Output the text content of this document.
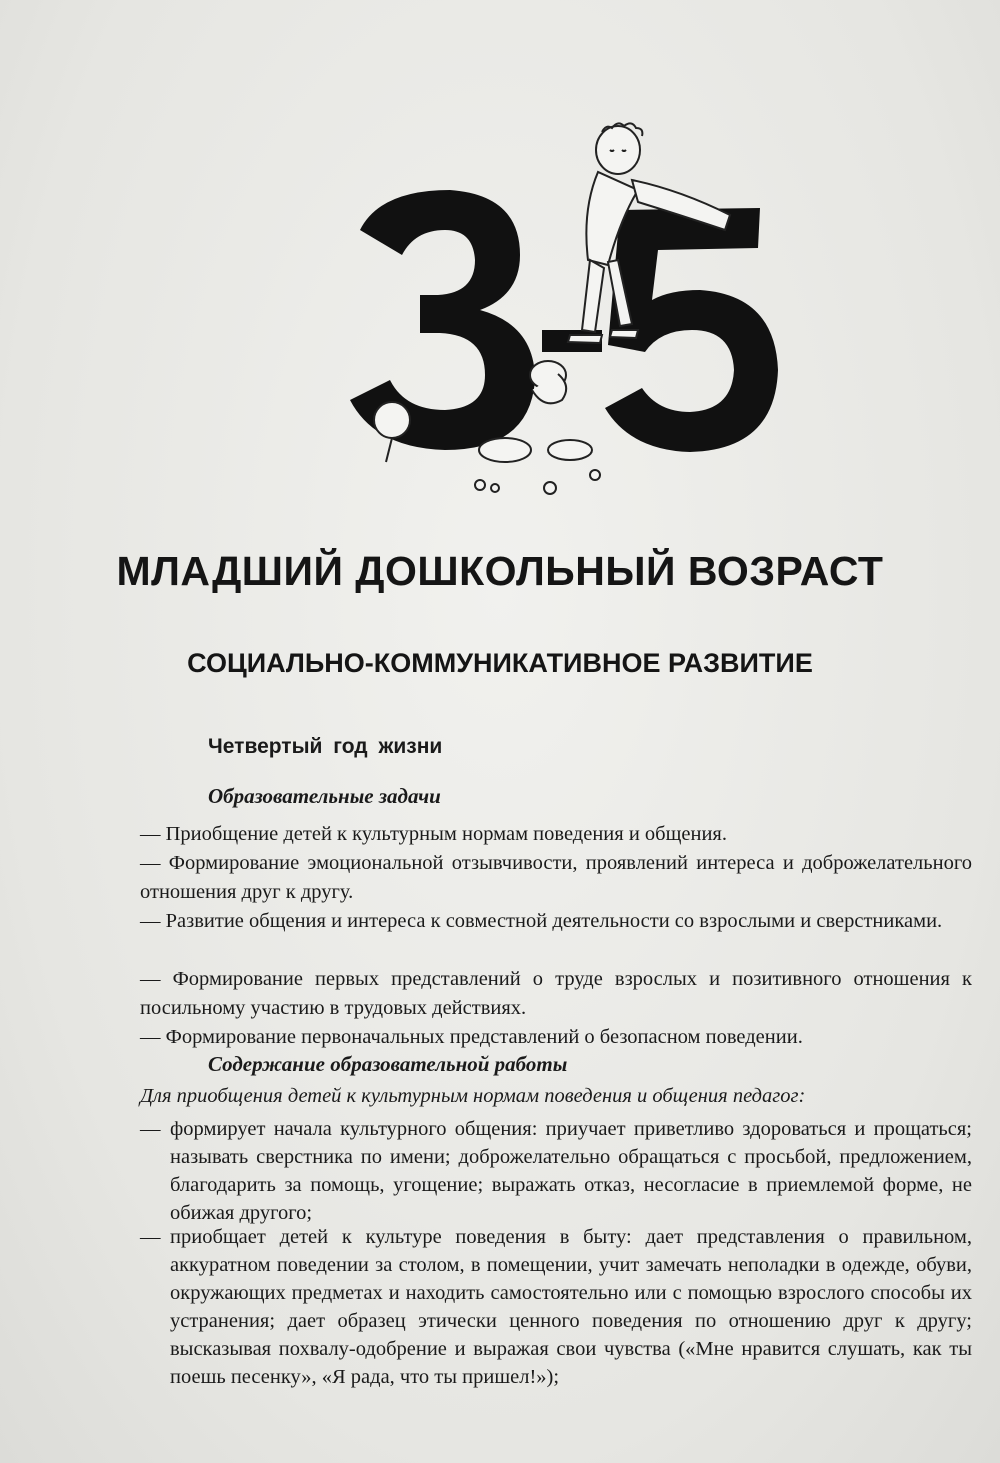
МЛАДШИЙ ДОШКОЛЬНЫЙ ВОЗРАСТ
СОЦИАЛЬНО-КОММУНИКАТИВНОЕ РАЗВИТИЕ
Четвертый год жизни
Образовательные задачи
— Приобщение детей к культурным нормам поведения и общения.
— Формирование эмоциональной отзывчивости, проявлений интереса и доброжелательного отношения друг к другу.
— Развитие общения и интереса к совместной деятельности со взрослыми и сверстниками.
— Формирование первых представлений о труде взрослых и позитивного отношения к посильному участию в трудовых действиях.
— Формирование первоначальных представлений о безопасном поведении.
Содержание образовательной работы
Для приобщения детей к культурным нормам поведения и общения педагог:
— формирует начала культурного общения: приучает приветливо здороваться и прощаться; называть сверстника по имени; доброжелательно обращаться с просьбой, предложением, благодарить за помощь, угощение; выражать отказ, несогласие в приемлемой форме, не обижая другого;
— приобщает детей к культуре поведения в быту: дает представления о правильном, аккуратном поведении за столом, в помещении, учит замечать неполадки в одежде, обуви, окружающих предметах и находить самостоятельно или с помощью взрослого способы их устранения; дает образец этически ценного поведения по отношению друг к другу; высказывая похвалу-одобрение и выражая свои чувства («Мне нравится слушать, как ты поешь песенку», «Я рада, что ты пришел!»);
